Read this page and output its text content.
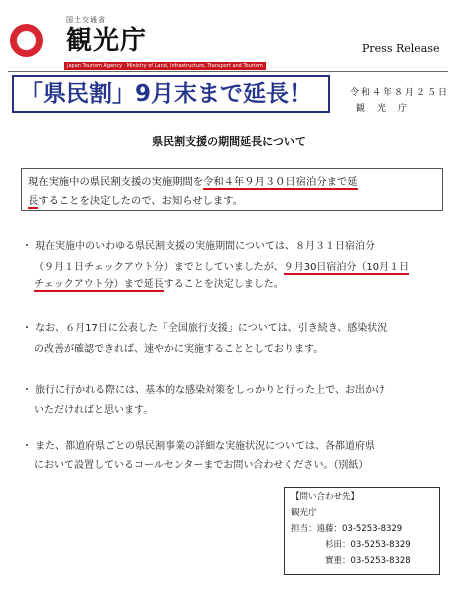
国土交通省
観光庁
Japan Tourism Agency · Ministry of Land, Infrastructure, Transport and Tourism
Press Release
「県民割」9月末まで延長！	令和４年８月２５日
観光庁
県民割支援の期間延長について
現在実施中の県民割支援の実施期間を令和４年９月３０日宿泊分まで延
長することを決定したので、お知らせします。
・ 現在実施中のいわゆる県民割支援の実施期間については、８月３１日宿泊分
（９月１日チェックアウト分）までとしていましたが、９月30日宿泊分（10月１日
チェックアウト分）まで延長することを決定しました。
・ なお、６月17日に公表した「全国旅行支援」については、引き続き、感染状況
の改善が確認できれば、速やかに実施することとしております。
・ 旅行に行かれる際には、基本的な感染対策をしっかりと行った上で、お出かけ
いただければと思います。
・ また、都道府県ごとの県民割事業の詳細な実施状況については、各都道府県
において設置しているコールセンターまでお問い合わせください。（別紙）
【問い合わせ先】
観光庁
担当：遠藤：03-5253-8329
杉田：03-5253-8329
實重：03-5253-8328
